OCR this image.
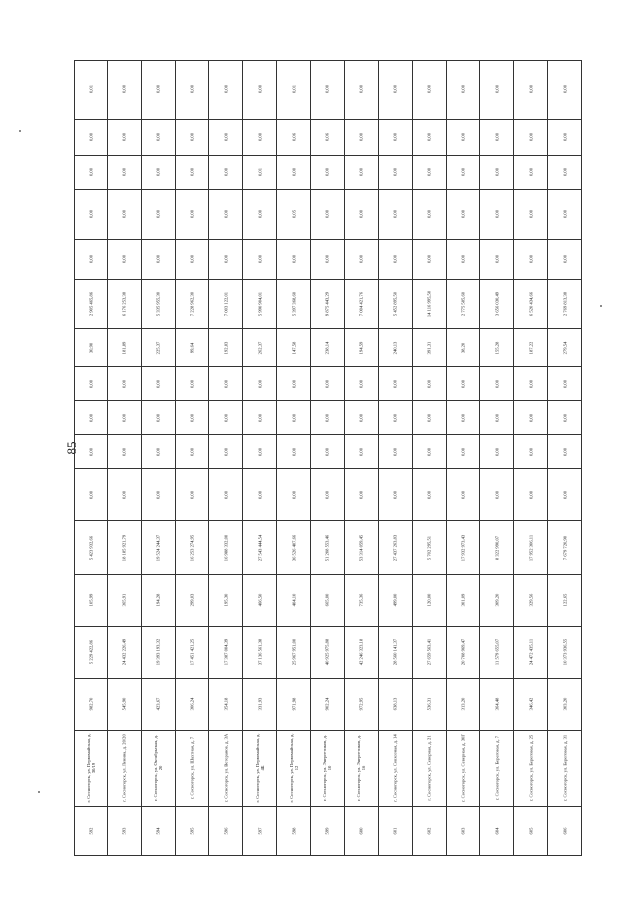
85
592
г. Сосногорск, ул. Первомайская, д. 30/19
982,70
5 229 422,86
105,99
5 423 932,66
0,00
0,00
0,00
0,00
30,90
2 905 465,86
0,00
0,00
0,00
0,00
0,01
593
г. Сосногорск, ул. Ленина, д. 20/20
545,90
24 432 226,49
365,91
18 185 921,79
0,00
0,00
0,00
0,00
181,89
6 176 253,38
0,00
0,00
0,00
0,00
0,00
594
г. Сосногорск, ул. Октябрьская, д. 20
423,67
19 393 193,32
194,28
19 524 244,37
0,00
0,00
0,00
0,00
225,37
5 335 955,30
0,00
0,00
0,00
0,00
0,00
595
г. Сосногорск, ул. Шахтная, д. 7
306,24
17 451 421,25
299,03
16 253 274,95
0,00
0,00
0,00
0,00
99,64
7 228 962,30
0,00
0,00
0,00
0,00
0,00
596
г. Сосногорск, ул. Ветеранов, д. 3А
354,18
17 387 004,39
195,30
16 988 332,00
0,00
0,00
0,00
0,00
192,83
7 003 122,01
0,00
0,00
0,00
0,00
0,00
597
г. Сосногорск, ул. Первомайская, д. 4Б
331,93
37 136 561,38
466,50
27 543 444,54
0,00
0,00
0,00
0,00
262,37
5 990 904,01
0,00
0,00
0,01
0,00
0,00
598
г. Сосногорск, ул. Первомайская, д. 12
971,98
25 967 951,00
404,10
36 526 407,66
0,00
0,00
0,00
0,00
147,58
5 397 368,60
0,00
0,05
0,00
0,06
0,01
599
г. Сосногорск, ул. Энергетиков, д. 10
902,24
40 925 975,88
665,00
51 208 553,46
0,00
0,00
0,00
0,00
238,14
9 875 443,29
0,00
0,00
0,00
0,06
0,00
600
г. Сосногорск, ул. Энергетиков, д. 16
972,95
42 246 323,18
735,36
53 314 059,45
0,00
0,00
0,00
0,00
194,59
7 004 421,76
0,00
0,00
0,00
0,00
0,00
601
г. Сосногорск, ул. Совхозная, д. 14
638,13
28 560 141,37
499,00
27 437 263,83
0,00
0,00
0,00
0,00
240,13
5 452 895,50
0,00
0,00
0,00
0,00
0,00
602
г. Сосногорск, ул. Северная, д. 21
536,31
27 659 563,41
120,00
5 702 295,51
0,00
0,00
0,00
0,00
391,31
14 116 995,50
0,00
0,00
0,00
0,00
0,00
603
г. Сосногорск, ул. Северная, д. 30Г
313,20
20 708 969,47
301,09
17 932 973,43
0,00
0,00
0,00
0,00
38,20
2 775 585,60
0,00
0,00
0,00
0,00
0,00
604
г. Сосногорск, ул. Береговая, д. 7
364,48
11 579 655,07
309,20
8 322 990,07
0,00
0,00
0,00
0,00
155,28
3 656 030,49
0,00
0,00
0,00
0,00
0,00
605
г. Сосногорск, ул. Береговая, д. 25
346,42
24 472 435,11
329,56
17 952 306,11
0,00
0,00
0,00
0,00
187,22
6 520 434,66
0,00
0,00
0,00
0,00
0,00
606
г. Сосногорск, ул. Береговая, д. 31
303,20
10 373 936,55
122,65
7 679 720,90
0,00
0,00
0,00
0,00
279,54
2 769 813,38
0,00
0,00
0,00
0,00
0,00
